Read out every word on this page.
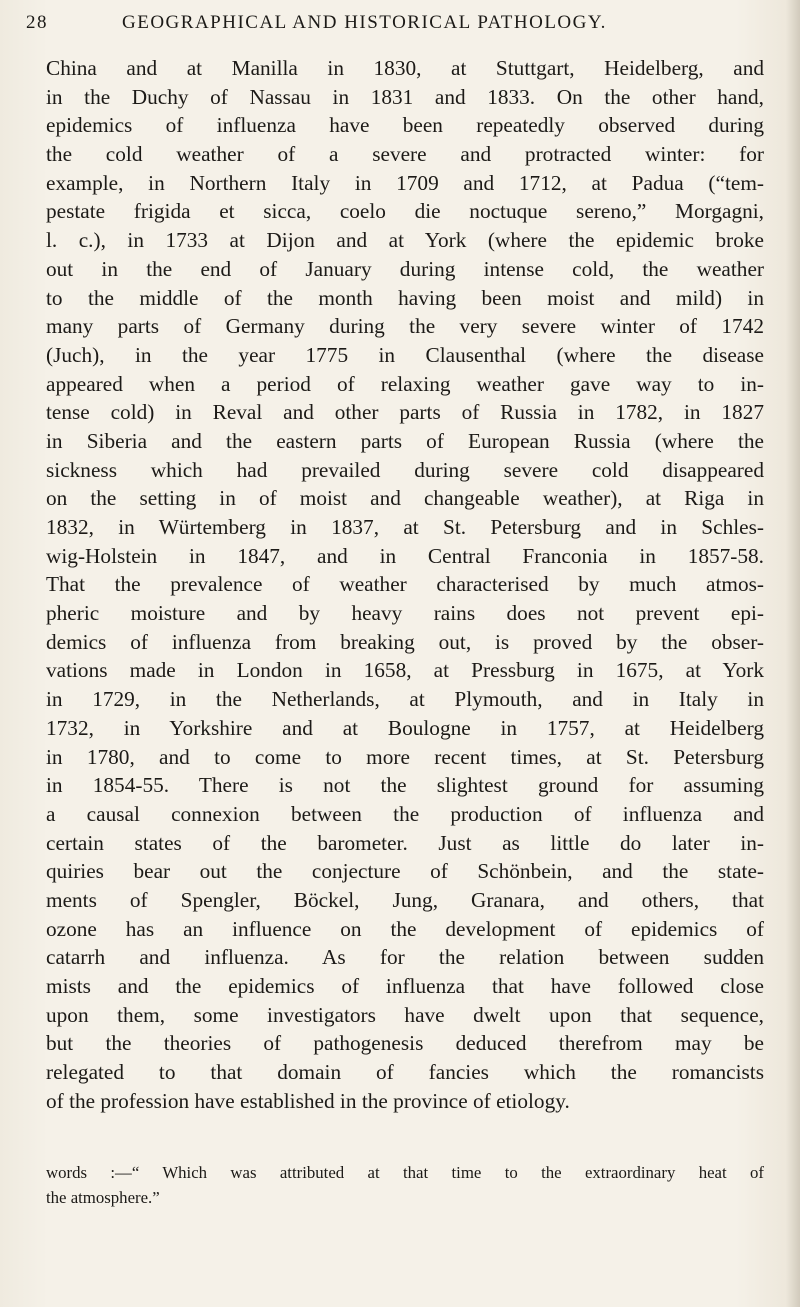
28	GEOGRAPHICAL AND HISTORICAL PATHOLOGY.
China and at Manilla in 1830, at Stuttgart, Heidelberg, and
in the Duchy of Nassau in 1831 and 1833. On the other hand,
epidemics of influenza have been repeatedly observed during
the cold weather of a severe and protracted winter: for
example, in Northern Italy in 1709 and 1712, at Padua (“tem-
pestate frigida et sicca, coelo die noctuque sereno,” Morgagni,
l. c.), in 1733 at Dijon and at York (where the epidemic broke
out in the end of January during intense cold, the weather
to the middle of the month having been moist and mild) in
many parts of Germany during the very severe winter of 1742
(Juch), in the year 1775 in Clausenthal (where the disease
appeared when a period of relaxing weather gave way to in-
tense cold) in Reval and other parts of Russia in 1782, in 1827
in Siberia and the eastern parts of European Russia (where the
sickness which had prevailed during severe cold disappeared
on the setting in of moist and changeable weather), at Riga in
1832, in Würtemberg in 1837, at St. Petersburg and in Schles-
wig-Holstein in 1847, and in Central Franconia in 1857-58.
That the prevalence of weather characterised by much atmos-
pheric moisture and by heavy rains does not prevent epi-
demics of influenza from breaking out, is proved by the obser-
vations made in London in 1658, at Pressburg in 1675, at York
in 1729, in the Netherlands, at Plymouth, and in Italy in
1732, in Yorkshire and at Boulogne in 1757, at Heidelberg
in 1780, and to come to more recent times, at St. Petersburg
in 1854-55. There is not the slightest ground for assuming
a causal connexion between the production of influenza and
certain states of the barometer. Just as little do later in-
quiries bear out the conjecture of Schönbein, and the state-
ments of Spengler, Böckel, Jung, Granara, and others, that
ozone has an influence on the development of epidemics of
catarrh and influenza. As for the relation between sudden
mists and the epidemics of influenza that have followed close
upon them, some investigators have dwelt upon that sequence,
but the theories of pathogenesis deduced therefrom may be
relegated to that domain of fancies which the romancists
of the profession have established in the province of etiology.
words :—“ Which was attributed at that time to the extraordinary heat of
the atmosphere.”
